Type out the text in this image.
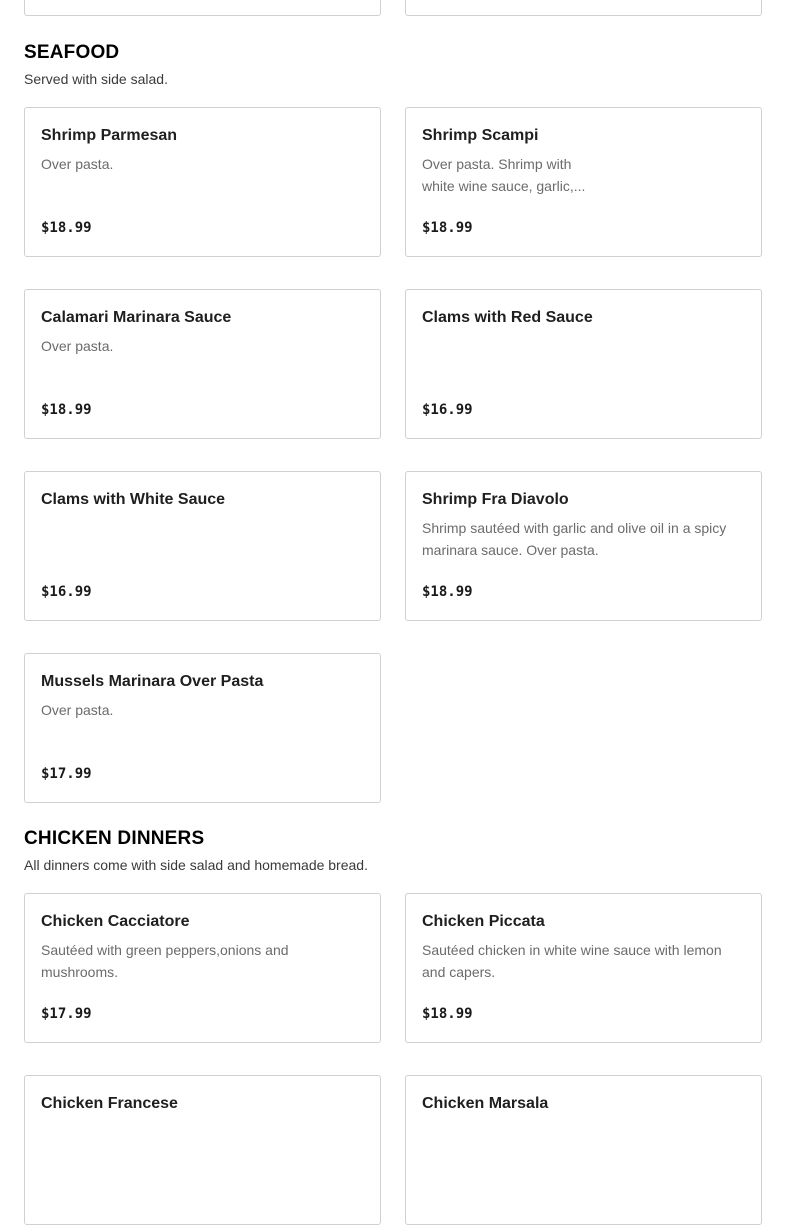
SEAFOOD
Served with side salad.
Shrimp Parmesan
Over pasta.
$18.99
Shrimp Scampi
Over pasta. Shrimp with white wine sauce, garlic,...
$18.99
Calamari Marinara Sauce
Over pasta.
$18.99
Clams with Red Sauce
$16.99
Clams with White Sauce
$16.99
Shrimp Fra Diavolo
Shrimp sautéed with garlic and olive oil in a spicy marinara sauce. Over pasta.
$18.99
Mussels Marinara Over Pasta
Over pasta.
$17.99
CHICKEN DINNERS
All dinners come with side salad and homemade bread.
Chicken Cacciatore
Sautéed with green peppers,onions and mushrooms.
$17.99
Chicken Piccata
Sautéed chicken in white wine sauce with lemon and capers.
$18.99
Chicken Francese	Chicken Marsala
